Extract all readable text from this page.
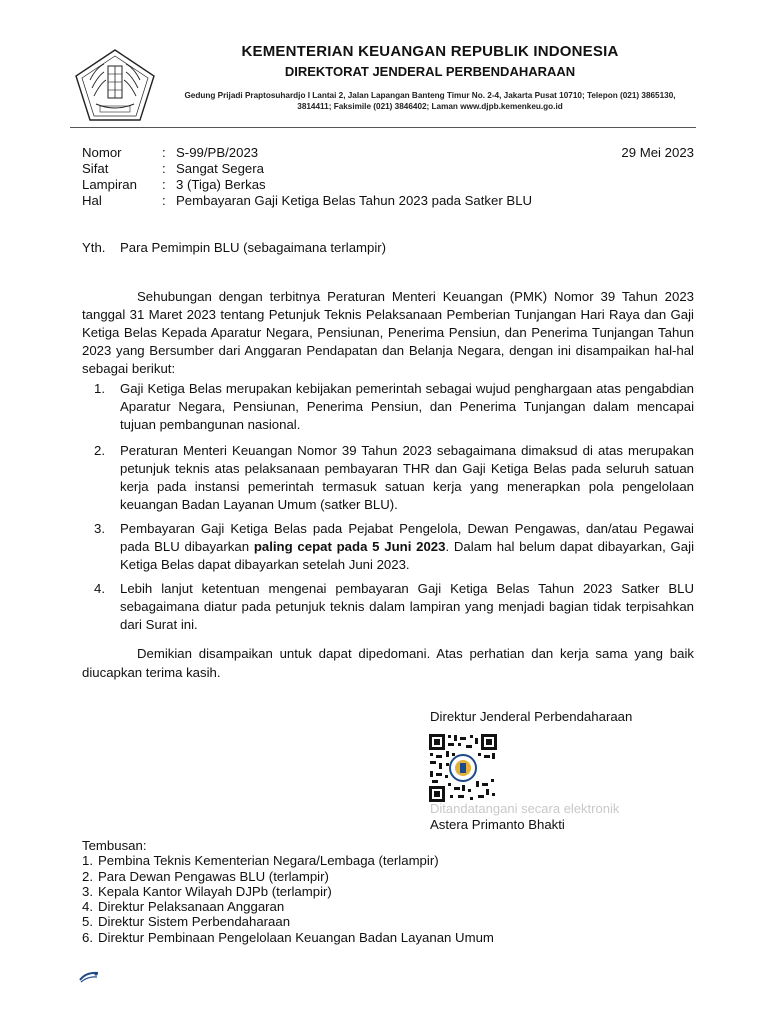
KEMENTERIAN KEUANGAN REPUBLIK INDONESIA
DIREKTORAT JENDERAL PERBENDAHARAAN
Gedung Prijadi Praptosuhardjo I Lantai 2, Jalan Lapangan Banteng Timur No. 2-4, Jakarta Pusat 10710; Telepon (021) 3865130,
3814411; Faksimile (021) 3846402; Laman www.djpb.kemenkeu.go.id
Nomor	: S-99/PB/2023
Sifat	: Sangat Segera
Lampiran	: 3 (Tiga) Berkas
Hal	: Pembayaran Gaji Ketiga Belas Tahun 2023 pada Satker BLU
29 Mei 2023
Yth. Para Pemimpin BLU (sebagaimana terlampir)
Sehubungan dengan terbitnya Peraturan Menteri Keuangan (PMK) Nomor 39 Tahun 2023 tanggal 31 Maret 2023 tentang Petunjuk Teknis Pelaksanaan Pemberian Tunjangan Hari Raya dan Gaji Ketiga Belas Kepada Aparatur Negara, Pensiunan, Penerima Pensiun, dan Penerima Tunjangan Tahun 2023 yang Bersumber dari Anggaran Pendapatan dan Belanja Negara, dengan ini disampaikan hal-hal sebagai berikut:
1.	Gaji Ketiga Belas merupakan kebijakan pemerintah sebagai wujud penghargaan atas pengabdian Aparatur Negara, Pensiunan, Penerima Pensiun, dan Penerima Tunjangan dalam mencapai tujuan pembangunan nasional.
2.	Peraturan Menteri Keuangan Nomor 39 Tahun 2023 sebagaimana dimaksud di atas merupakan petunjuk teknis atas pelaksanaan pembayaran THR dan Gaji Ketiga Belas pada seluruh satuan kerja pada instansi pemerintah termasuk satuan kerja yang menerapkan pola pengelolaan keuangan Badan Layanan Umum (satker BLU).
3.	Pembayaran Gaji Ketiga Belas pada Pejabat Pengelola, Dewan Pengawas, dan/atau Pegawai pada BLU dibayarkan paling cepat pada 5 Juni 2023. Dalam hal belum dapat dibayarkan, Gaji Ketiga Belas dapat dibayarkan setelah Juni 2023.
4.	Lebih lanjut ketentuan mengenai pembayaran Gaji Ketiga Belas Tahun 2023 Satker BLU sebagaimana diatur pada petunjuk teknis dalam lampiran yang menjadi bagian tidak terpisahkan dari Surat ini.
Demikian disampaikan untuk dapat dipedomani. Atas perhatian dan kerja sama yang baik diucapkan terima kasih.
Direktur Jenderal Perbendaharaan
Ditandatangani secara elektronik
Astera Primanto Bhakti
Tembusan:
1. Pembina Teknis Kementerian Negara/Lembaga (terlampir)
2. Para Dewan Pengawas BLU (terlampir)
3. Kepala Kantor Wilayah DJPb (terlampir)
4. Direktur Pelaksanaan Anggaran
5. Direktur Sistem Perbendaharaan
6. Direktur Pembinaan Pengelolaan Keuangan Badan Layanan Umum
